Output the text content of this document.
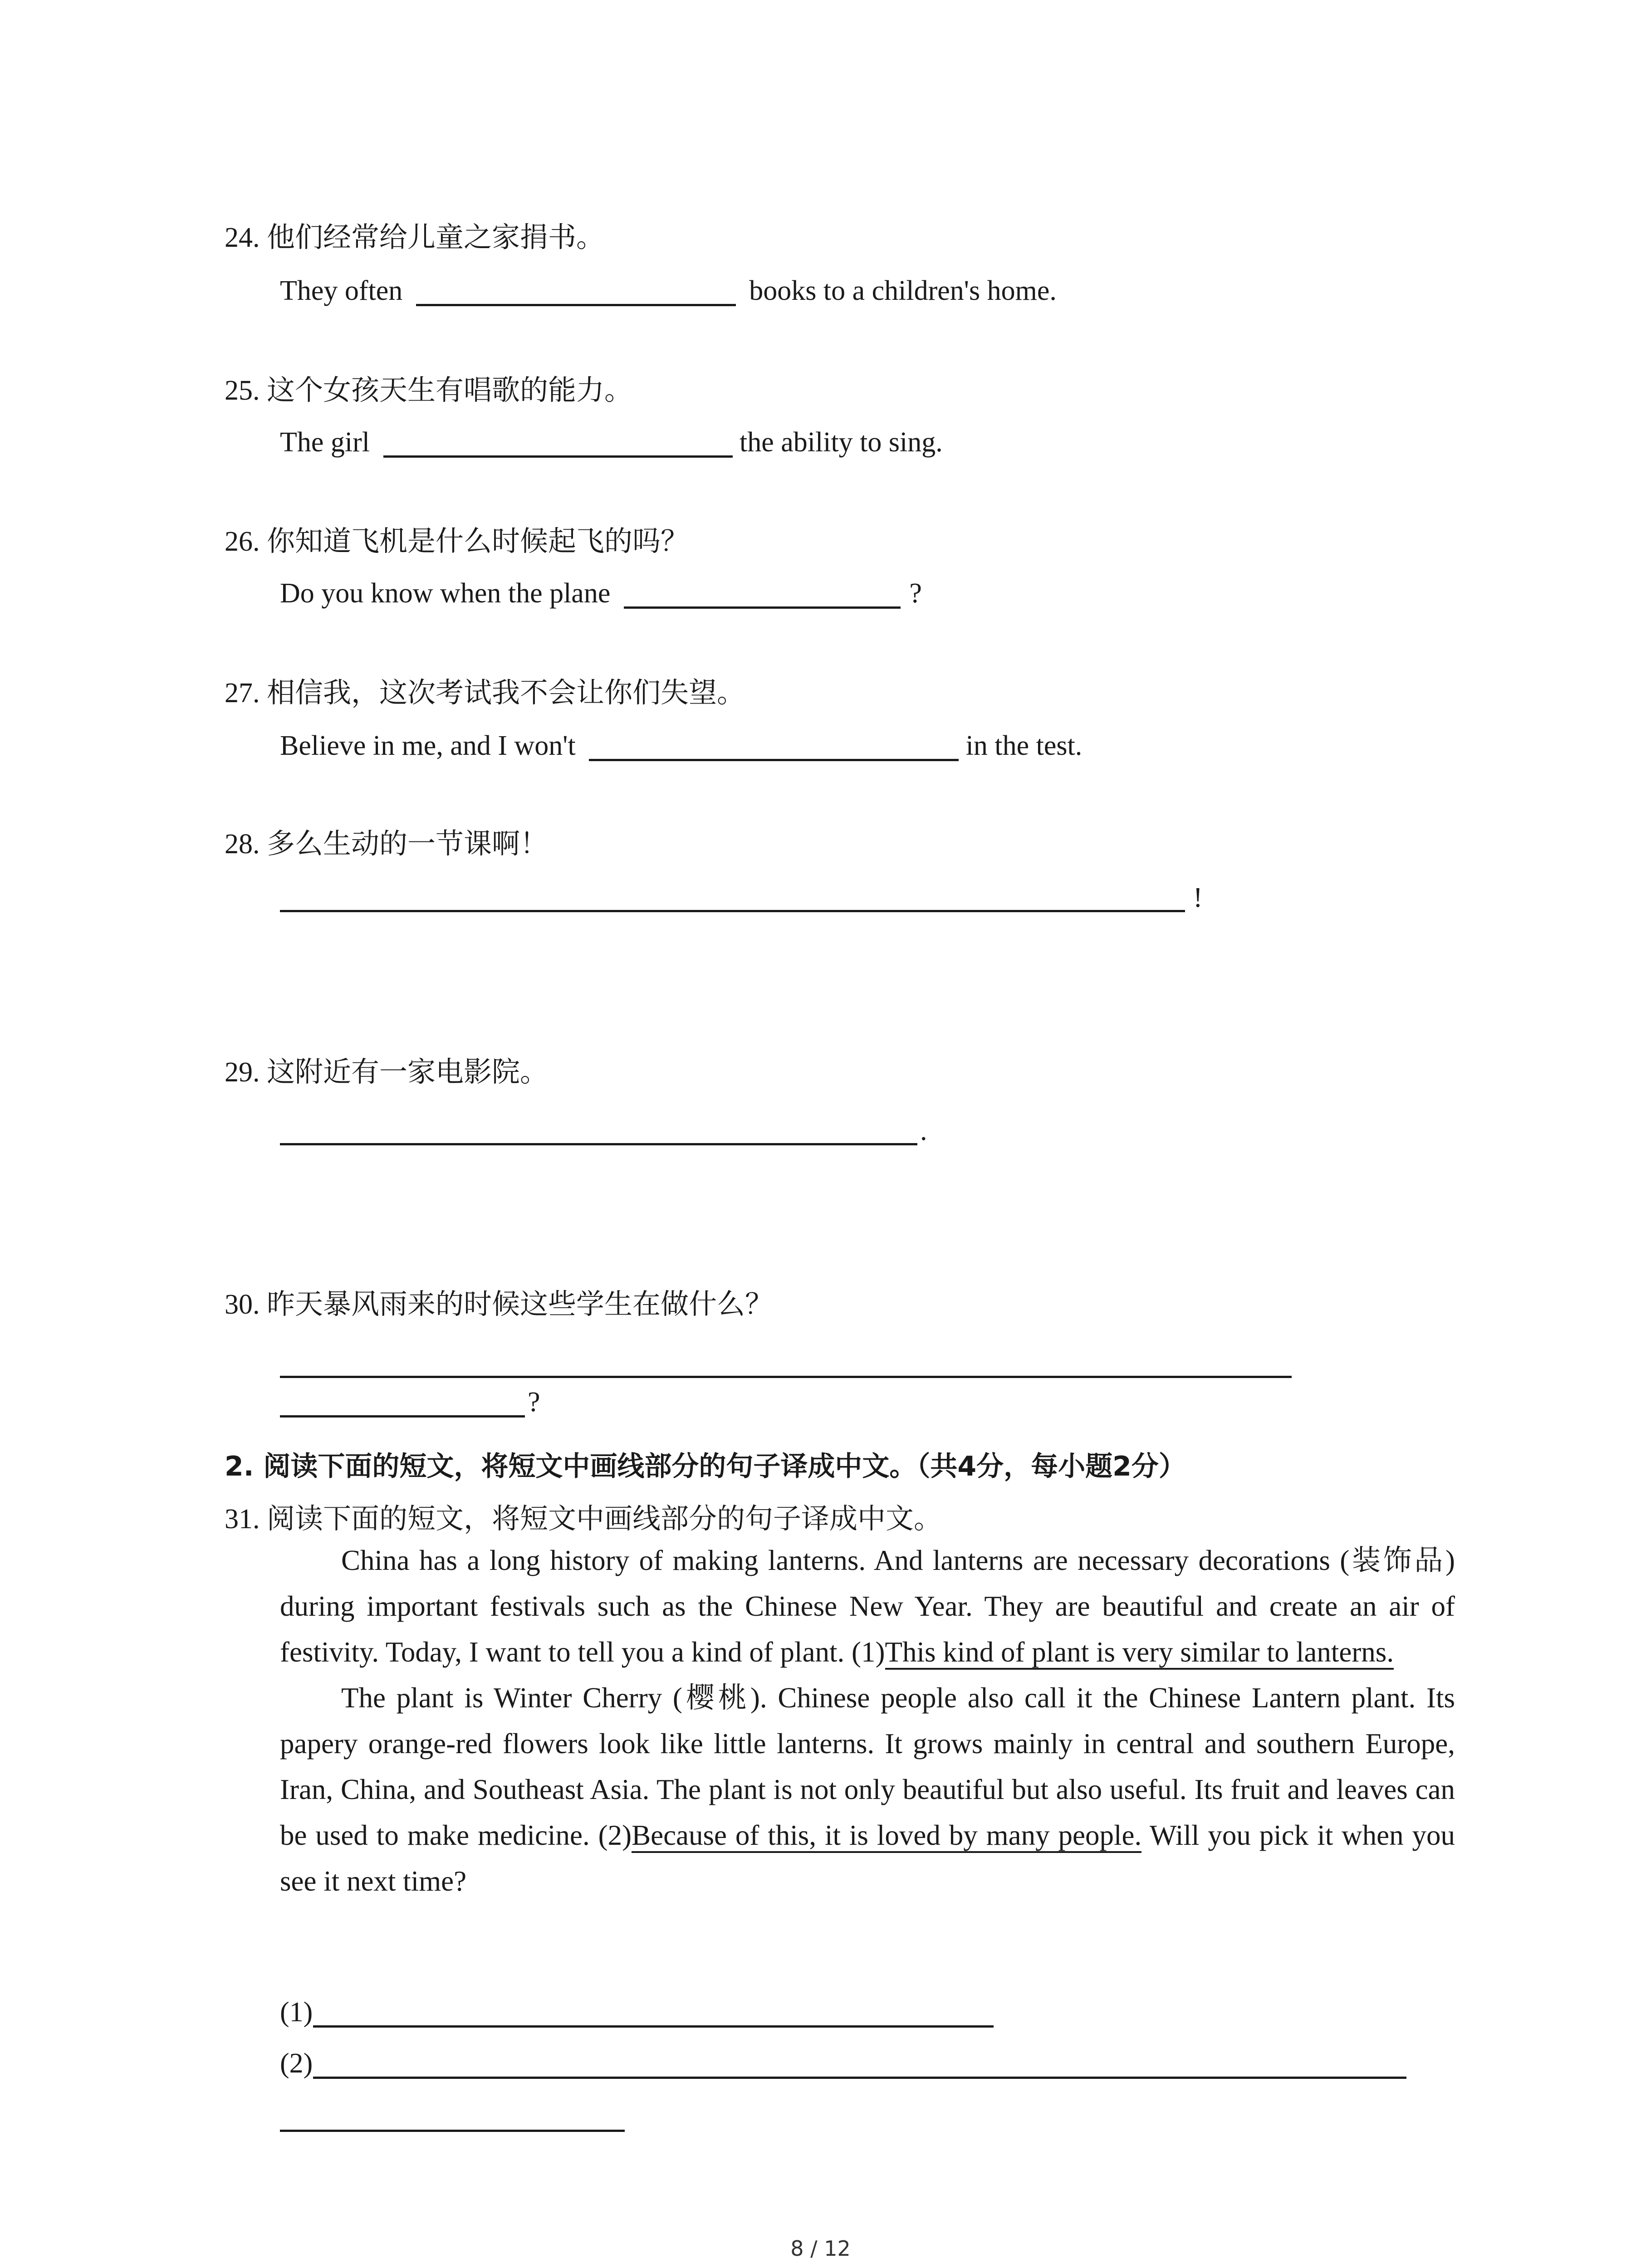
24. 他们经常给儿童之家捐书。
They often	books to a children's home.
25. 这个女孩天生有唱歌的能力。
The girl	the ability to sing.
26. 你知道飞机是什么时候起飞的吗？
Do you know when the plane	?
27. 相信我，这次考试我不会让你们失望。
Believe in me, and I won't	in the test.
28. 多么生动的一节课啊！
!
29. 这附近有一家电影院。
.
30. 昨天暴风雨来的时候这些学生在做什么？
?
2. 阅读下面的短文，将短文中画线部分的句子译成中文。（共4分，每小题2分）
31. 阅读下面的短文，将短文中画线部分的句子译成中文。

China has a long history of making lanterns. And lanterns are necessary decorations (装饰品) during important festivals such as the Chinese New Year. They are beautiful and create an air of festivity. Today, I want to tell you a kind of plant. (1)This kind of plant is very similar to lanterns.

The plant is Winter Cherry (樱桃). Chinese people also call it the Chinese Lantern plant. Its papery orange-red flowers look like little lanterns. It grows mainly in central and southern Europe, Iran, China, and Southeast Asia. The plant is not only beautiful but also useful. Its fruit and leaves can be used to make medicine. (2)Because of this, it is loved by many people. Will you pick it when you see it next time?

(1)
(2)
8 / 12
